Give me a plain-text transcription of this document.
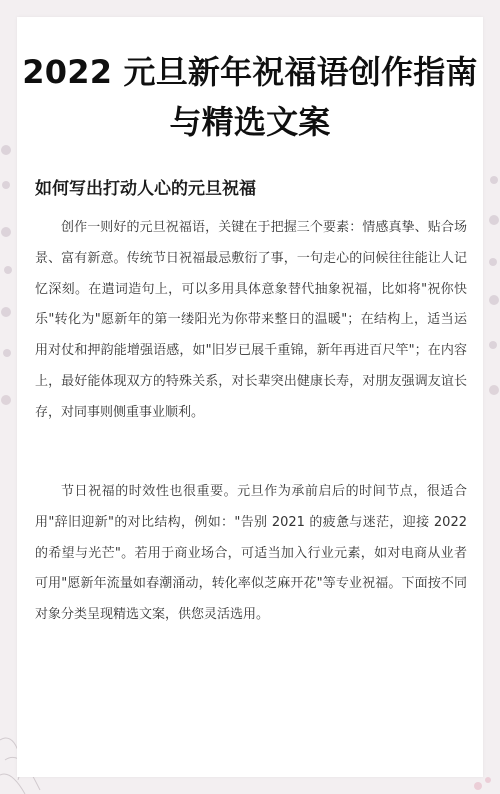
2022 元旦新年祝福语创作指南
与精选文案
如何写出打动人心的元旦祝福

创作一则好的元旦祝福语，关键在于把握三个要素：情感真挚、贴合场景、富有新意。传统节日祝福最忌敷衍了事，一句走心的问候往往能让人记忆深刻。在遣词造句上，可以多用具体意象替代抽象祝福，比如将"祝你快乐"转化为"愿新年的第一缕阳光为你带来整日的温暖"；在结构上，适当运用对仗和押韵能增强语感，如"旧岁已展千重锦，新年再进百尺竿"；在内容上，最好能体现双方的特殊关系，对长辈突出健康长寿，对朋友强调友谊长存，对同事则侧重事业顺利。

节日祝福的时效性也很重要。元旦作为承前启后的时间节点，很适合用"辞旧迎新"的对比结构，例如："告别 2021 的疲惫与迷茫，迎接 2022 的希望与光芒"。若用于商业场合，可适当加入行业元素，如对电商从业者可用"愿新年流量如春潮涌动，转化率似芝麻开花"等专业祝福。下面按不同对象分类呈现精选文案，供您灵活选用。
